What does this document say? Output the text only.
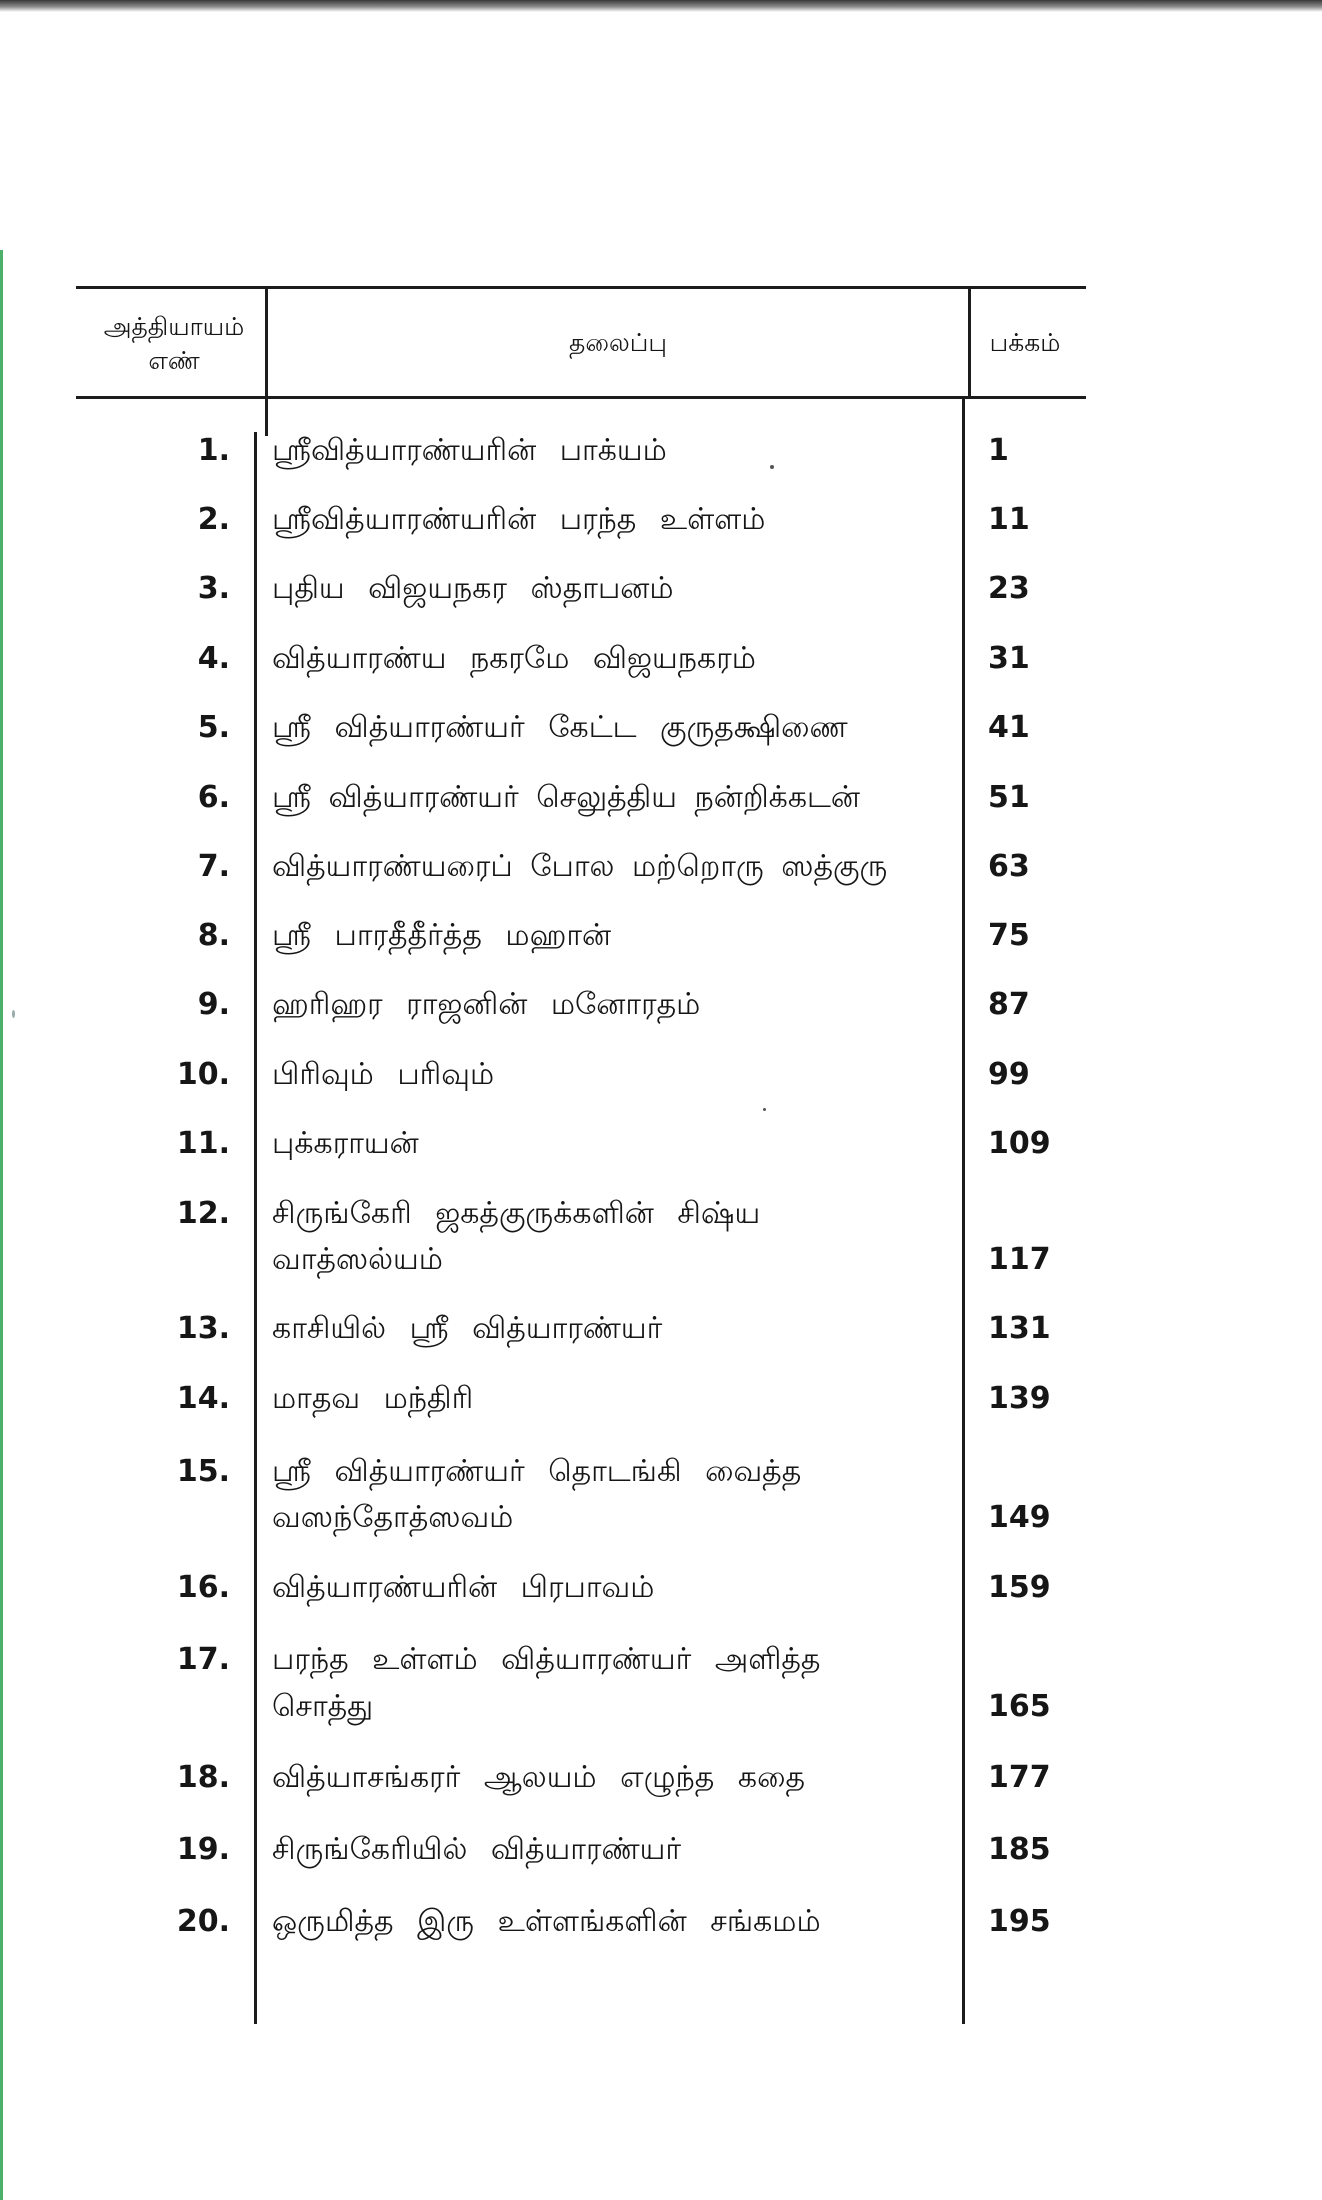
அத்தியாயம்
எண்
தலைப்பு	பக்கம்
1. ஸ்ரீவித்யாரண்யரின் பாக்யம்	1
2. ஸ்ரீவித்யாரண்யரின் பரந்த உள்ளம்	11
3. புதிய விஜயநகர ஸ்தாபனம்	23
4. வித்யாரண்ய நகரமே விஜயநகரம்	31
5. ஸ்ரீ வித்யாரண்யர் கேட்ட குருதக்ஷிணை	41
6. ஸ்ரீ வித்யாரண்யர் செலுத்திய நன்றிக்கடன்	51
7. வித்யாரண்யரைப் போல மற்றொரு ஸத்குரு	63
8. ஸ்ரீ பாரதீதீர்த்த மஹான்	75
9. ஹரிஹர ராஜனின் மனோரதம்	87
10. பிரிவும் பரிவும்	99
11. புக்கராயன்	109
12. சிருங்கேரி ஜகத்குருக்களின் சிஷ்ய
வாத்ஸல்யம்	117
13. காசியில் ஸ்ரீ வித்யாரண்யர்	131
14. மாதவ மந்திரி	139
15. ஸ்ரீ வித்யாரண்யர் தொடங்கி வைத்த
வஸந்தோத்ஸவம்	149
16. வித்யாரண்யரின் பிரபாவம்	159
17. பரந்த உள்ளம் வித்யாரண்யர் அளித்த
சொத்து	165
18. வித்யாசங்கரர் ஆலயம் எழுந்த கதை	177
19. சிருங்கேரியில் வித்யாரண்யர்	185
20. ஒருமித்த இரு உள்ளங்களின் சங்கமம்	195
